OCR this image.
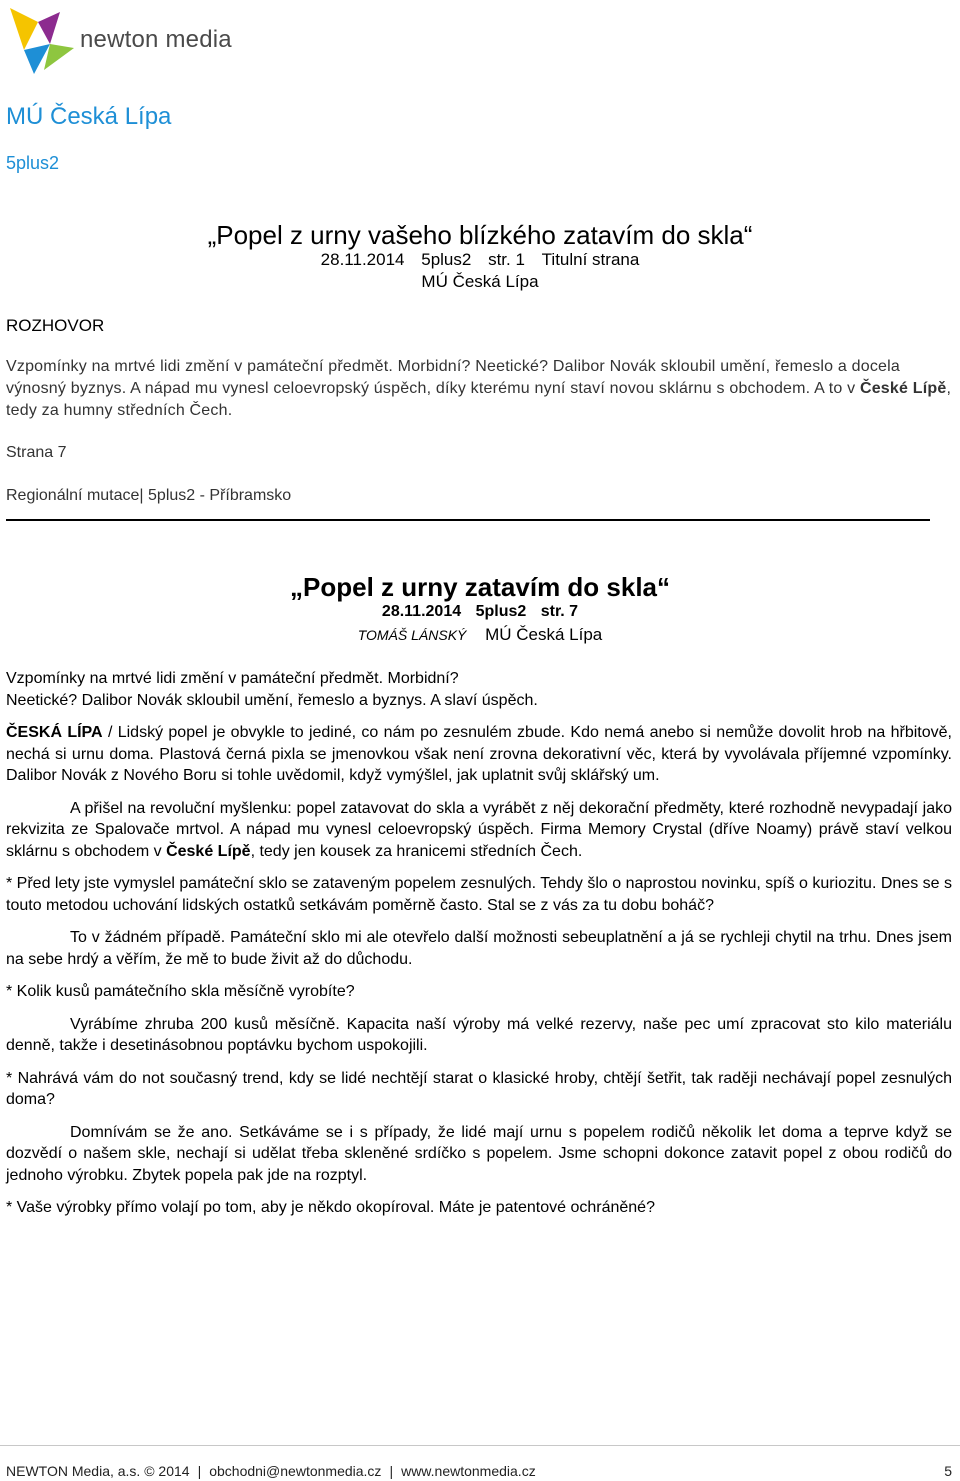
newton media
MÚ Česká Lípa
5plus2
„Popel z urny vašeho blízkého zatavím do skla“
28.11.2014 5plus2 str. 1 Titulní strana
MÚ Česká Lípa
ROZHOVOR
Vzpomínky na mrtvé lidi změní v památeční předmět. Morbidní? Neetické? Dalibor Novák skloubil umění, řemeslo a docela výnosný byznys. A nápad mu vynesl celoevropský úspěch, díky kterému nyní staví novou sklárnu s obchodem. A to v České Lípě, tedy za humny středních Čech.
Strana 7
Regionální mutace| 5plus2 - Příbramsko
„Popel z urny zatavím do skla“
28.11.2014 5plus2 str. 7
TOMÁŠ LÁNSKÝ MÚ Česká Lípa

Vzpomínky na mrtvé lidi změní v památeční předmět. Morbidní?
Neetické? Dalibor Novák skloubil umění, řemeslo a byznys. A slaví úspěch.

ČESKÁ LÍPA / Lidský popel je obvykle to jediné, co nám po zesnulém zbude. Kdo nemá anebo si nemůže dovolit hrob na hřbitově, nechá si urnu doma. Plastová černá pixla se jmenovkou však není zrovna dekorativní věc, která by vyvolávala příjemné vzpomínky. Dalibor Novák z Nového Boru si tohle uvědomil, když vymýšlel, jak uplatnit svůj sklářský um.

A přišel na revoluční myšlenku: popel zatavovat do skla a vyrábět z něj dekorační předměty, které rozhodně nevypadají jako rekvizita ze Spalovače mrtvol. A nápad mu vynesl celoevropský úspěch. Firma Memory Crystal (dříve Noamy) právě staví velkou sklárnu s obchodem v České Lípě, tedy jen kousek za hranicemi středních Čech.

* Před lety jste vymyslel památeční sklo se zataveným popelem zesnulých. Tehdy šlo o naprostou novinku, spíš o kuriozitu. Dnes se s touto metodou uchování lidských ostatků setkávám poměrně často. Stal se z vás za tu dobu boháč?

To v žádném případě. Památeční sklo mi ale otevřelo další možnosti sebeuplatnění a já se rychleji chytil na trhu. Dnes jsem na sebe hrdý a věřím, že mě to bude živit až do důchodu.

* Kolik kusů památečního skla měsíčně vyrobíte?

Vyrábíme zhruba 200 kusů měsíčně. Kapacita naší výroby má velké rezervy, naše pec umí zpracovat sto kilo materiálu denně, takže i desetinásobnou poptávku bychom uspokojili.

* Nahrává vám do not současný trend, kdy se lidé nechtějí starat o klasické hroby, chtějí šetřit, tak raději nechávají popel zesnulých doma?

Domnívám se že ano. Setkáváme se i s případy, že lidé mají urnu s popelem rodičů několik let doma a teprve když se dozvědí o našem skle, nechají si udělat třeba skleněné srdíčko s popelem. Jsme schopni dokonce zatavit popel z obou rodičů do jednoho výrobku. Zbytek popela pak jde na rozptyl.

* Vaše výrobky přímo volají po tom, aby je někdo okopíroval. Máte je patentové ochráněné?

NEWTON Media, a.s. © 2014 | obchodni@newtonmedia.cz | www.newtonmedia.cz	5
